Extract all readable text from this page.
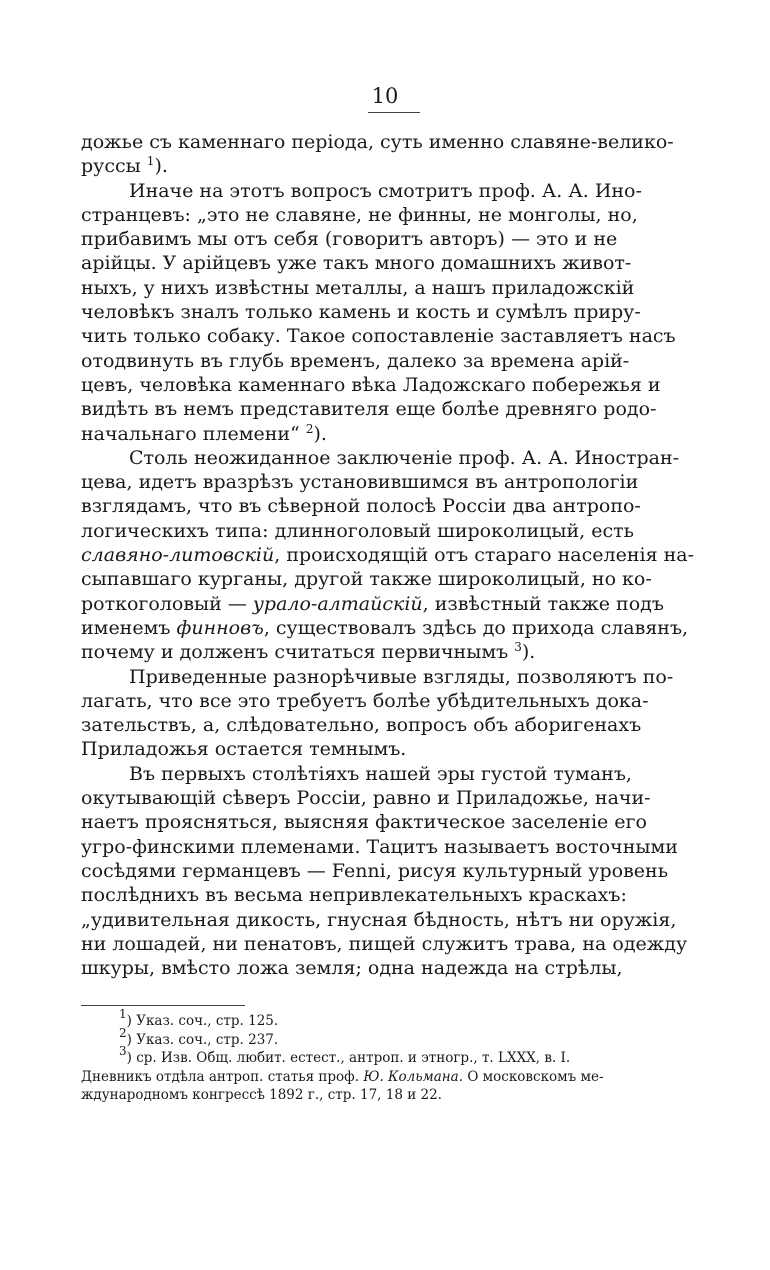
10

дожье съ каменнаго періода, суть именно славяне-велико-
руссы $^1$).

Иначе на этотъ вопросъ смотритъ проф. А. А. Ино-
странцевъ: „это не славяне, не финны, не монголы, но,
прибавимъ мы отъ себя (говоритъ авторъ) — это и не
арійцы. У арійцевъ уже такъ много домашнихъ живот-
ныхъ, у нихъ извѣстны металлы, а нашъ приладожскій
человѣкъ зналъ только камень и кость и сумѣлъ приру-
чить только собаку. Такое сопоставленіе заставляетъ насъ
отодвинуть въ глубь временъ, далеко за времена арій-
цевъ, человѣка каменнаго вѣка Ладожскаго побережья и
видѣть въ немъ представителя еще болѣе древняго родо-
начальнаго племени“ $^2$).

Столь неожиданное заключеніе проф. А. А. Иностран-
цева, идетъ вразрѣзъ установившимся въ антропологіи
взглядамъ, что въ сѣверной полосѣ Россіи два антропо-
логическихъ типа: длинноголовый широколицый, есть
славяно-литовскій, происходящій отъ стараго населенія на-
сыпавшаго курганы, другой также широколицый, но ко-
роткоголовый — урало-алтайскій, извѣстный также подъ
именемъ финновъ, существовалъ здѣсь до прихода славянъ,
почему и долженъ считаться первичнымъ $^3$).

Приведенные разнорѣчивые взгляды, позволяютъ по-
лагать, что все это требуетъ болѣе убѣдительныхъ дока-
зательствъ, а, слѣдовательно, вопросъ объ аборигенахъ
Приладожья остается темнымъ.

Въ первыхъ столѣтіяхъ нашей эры густой туманъ,
окутывающій сѣверъ Россіи, равно и Приладожье, начи-
наетъ проясняться, выясняя фактическое заселеніе его
угро-финскими племенами. Тацитъ называетъ восточными
сосѣдями германцевъ — Fenni, рисуя культурный уровень
послѣднихъ въ весьма непривлекательныхъ краскахъ:
„удивительная дикость, гнусная бѣдность, нѣтъ ни оружія,
ни лошадей, ни пенатовъ, пищей служитъ трава, на одежду
шкуры, вмѣсто ложа земля; одна надежда на стрѣлы,

$^1$) Указ. соч., стр. 125.

$^2$) Указ. соч., стр. 237.

$^3$) ср. Изв. Общ. любит. естест., антроп. и этногр., т. LXXX, в. I.
Дневникъ отдѣла антроп. статья проф. Ю. Кольмана. О московскомъ ме-
ждународномъ конгрессѣ 1892 г., стр. 17, 18 и 22.
